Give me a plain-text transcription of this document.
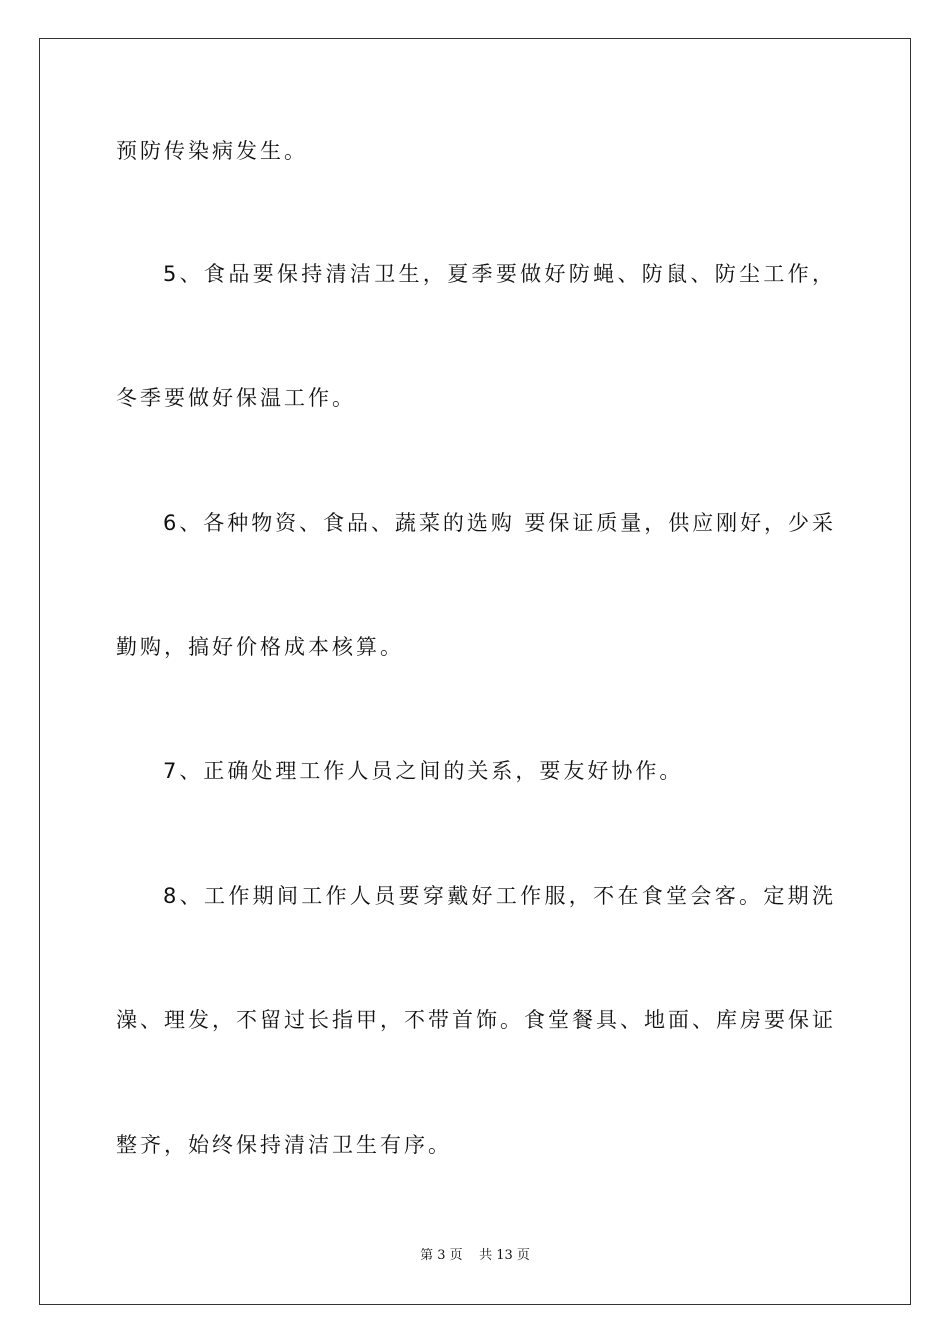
预防传染病发生。
5、食品要保持清洁卫生，夏季要做好防蝇、防鼠、防尘工作，
冬季要做好保温工作。
6、各种物资、食品、蔬菜的选购 要保证质量，供应刚好，少采
勤购，搞好价格成本核算。
7、正确处理工作人员之间的关系，要友好协作。
8、工作期间工作人员要穿戴好工作服，不在食堂会客。定期洗
澡、理发，不留过长指甲，不带首饰。食堂餐具、地面、库房要保证
整齐，始终保持清洁卫生有序。
第 3 页    共 13 页
